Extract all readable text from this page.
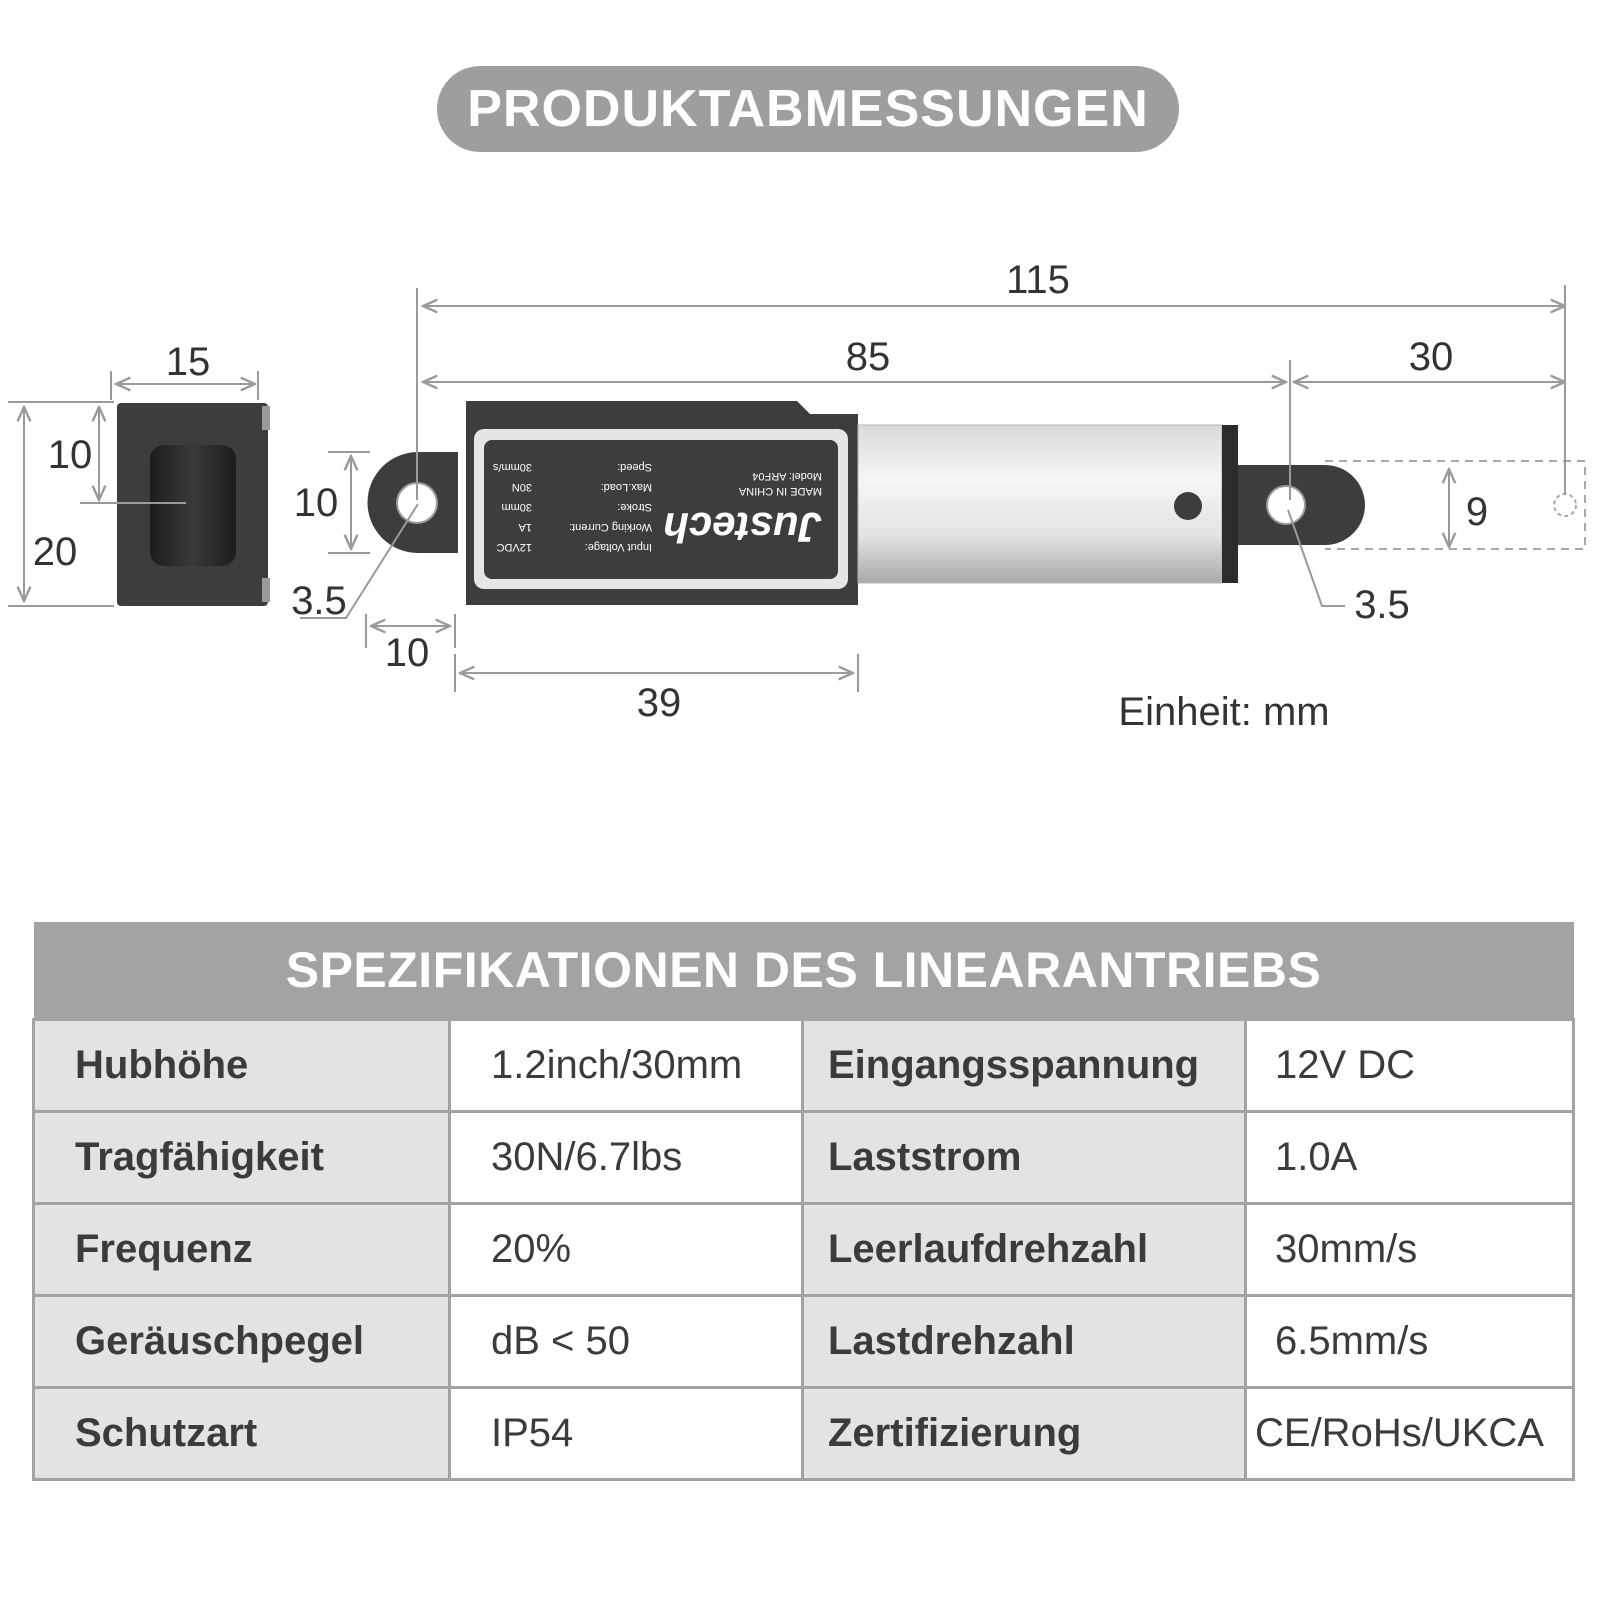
PRODUKTABMESSUNGEN
Justech
MADE IN CHINA
Model: ARF04
Input Voltage:
Working Current:
Stroke:
Max.Load:
Speed:
12VDC
1A
30mm
30N
30mm/s
115
85	30
15
10
20
10
3.5
10
39
9
3.5
Einheit: mm
SPEZIFIKATIONEN DES LINEARANTRIEBS			
Hubhöhe	1.2inch/30mm	Eingangsspannung	12V DC
Tragfähigkeit	30N/6.7lbs	Laststrom	1.0A
Frequenz	20%	Leerlaufdrehzahl	30mm/s
Geräuschpegel	dB < 50	Lastdrehzahl	6.5mm/s
Schutzart	IP54	Zertifizierung	CE/RoHs/UKCA
